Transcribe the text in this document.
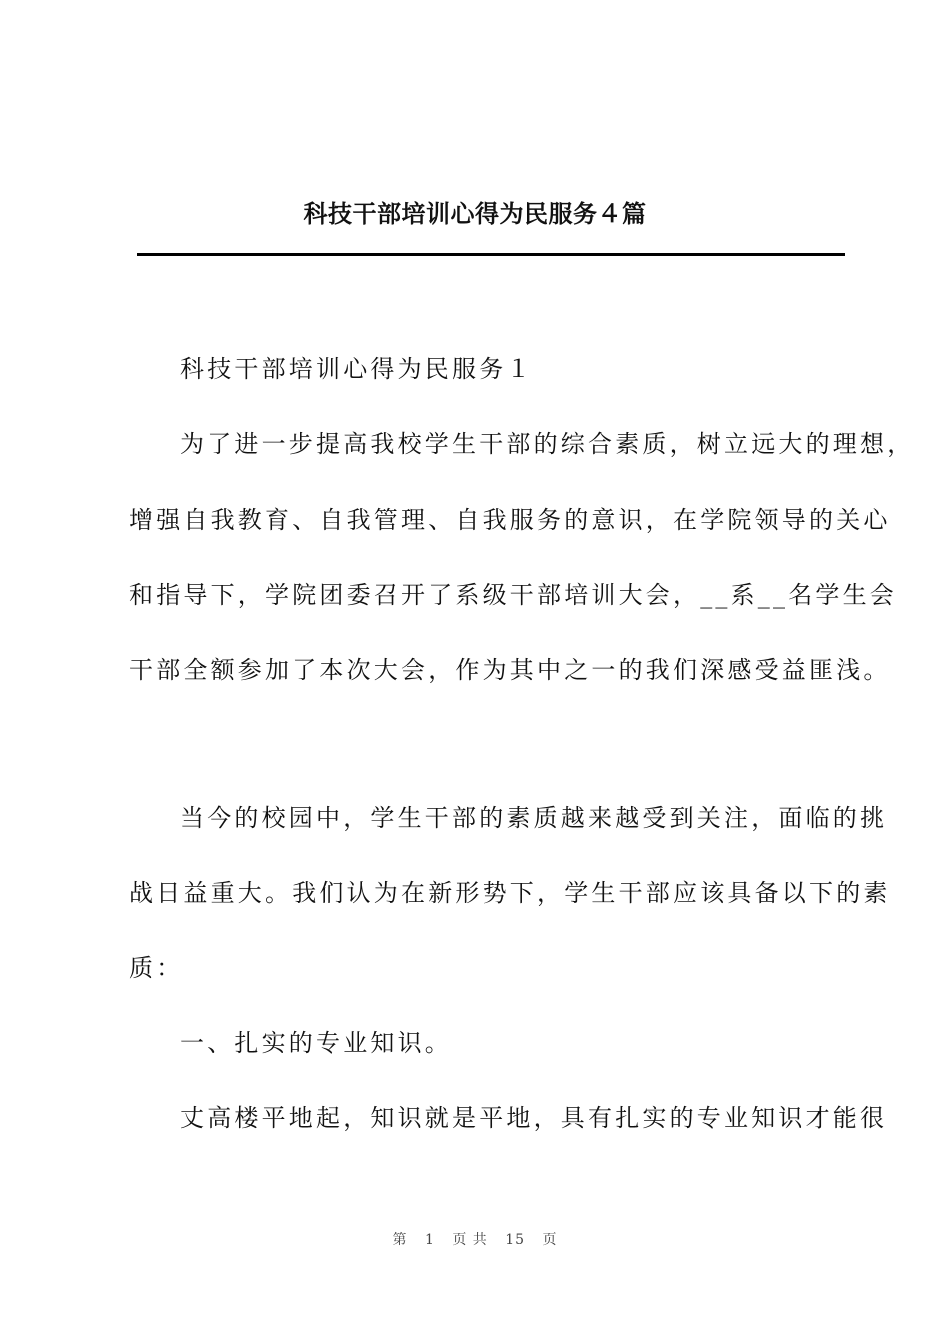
科技干部培训心得为民服务４篇
科技干部培训心得为民服务１
为了进一步提高我校学生干部的综合素质，树立远大的理想，
增强自我教育、自我管理、自我服务的意识，在学院领导的关心
和指导下，学院团委召开了系级干部培训大会，__系__名学生会
干部全额参加了本次大会，作为其中之一的我们深感受益匪浅。
当今的校园中，学生干部的素质越来越受到关注，面临的挑
战日益重大。我们认为在新形势下，学生干部应该具备以下的素
质：
一、扎实的专业知识。
丈高楼平地起，知识就是平地，具有扎实的专业知识才能很
第 1 页 共 15 页
